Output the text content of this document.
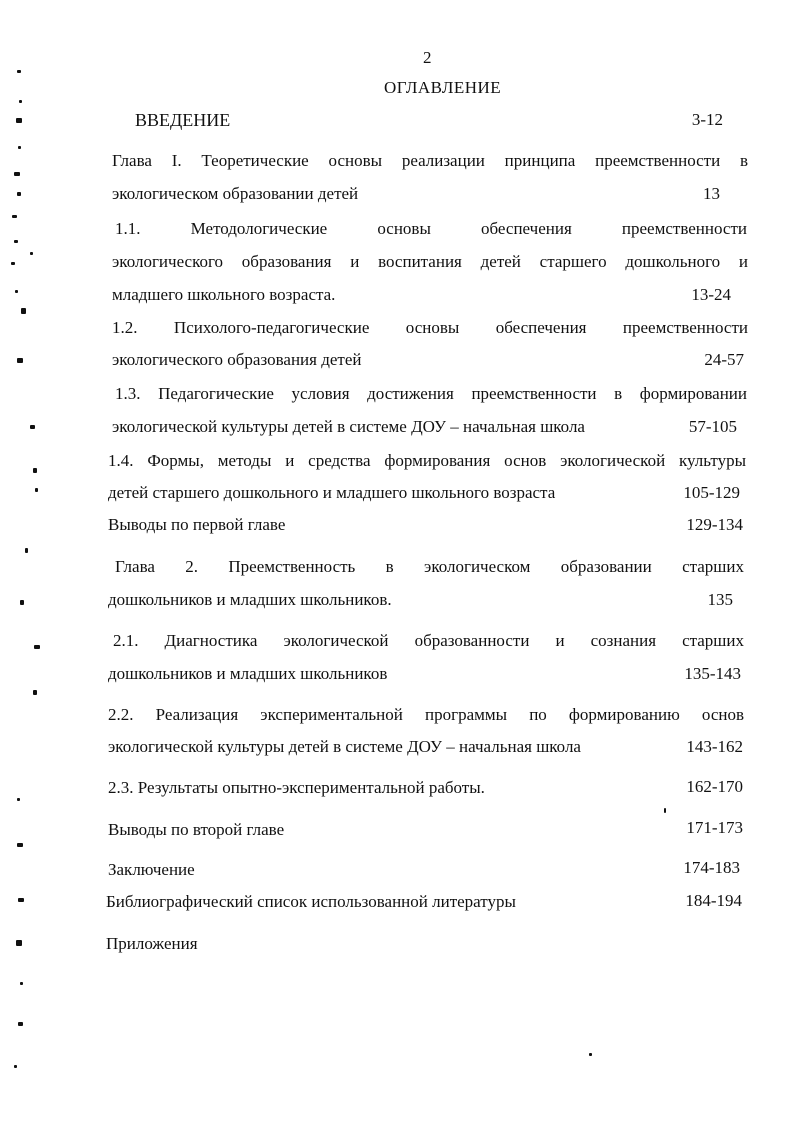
2
ОГЛАВЛЕНИЕ
ВВЕДЕНИЕ	3-12
Глава I. Теоретические основы реализации принципа преемственности в
экологическом образовании детей	13
1.1. Методологические основы обеспечения преемственности
экологического образования и воспитания детей старшего дошкольного и
младшего школьного возраста.	13-24
1.2. Психолого-педагогические основы обеспечения преемственности
экологического образования детей	24-57
1.3. Педагогические условия достижения преемственности в формировании
экологической культуры детей в системе ДОУ – начальная школа	57-105
1.4. Формы, методы и средства формирования основ экологической культуры
детей старшего дошкольного и младшего школьного возраста	105-129
Выводы по первой главе	129-134
Глава 2. Преемственность в экологическом образовании старших
дошкольников и младших школьников.	135
2.1. Диагностика экологической образованности и сознания старших
дошкольников и младших школьников	135-143
2.2. Реализация экспериментальной программы по формированию основ
экологической культуры детей в системе ДОУ – начальная школа	143-162
2.3. Результаты опытно-экспериментальной работы.	162-170
Выводы по второй главе	171-173
Заключение	174-183
Библиографический список использованной литературы	184-194
Приложения
